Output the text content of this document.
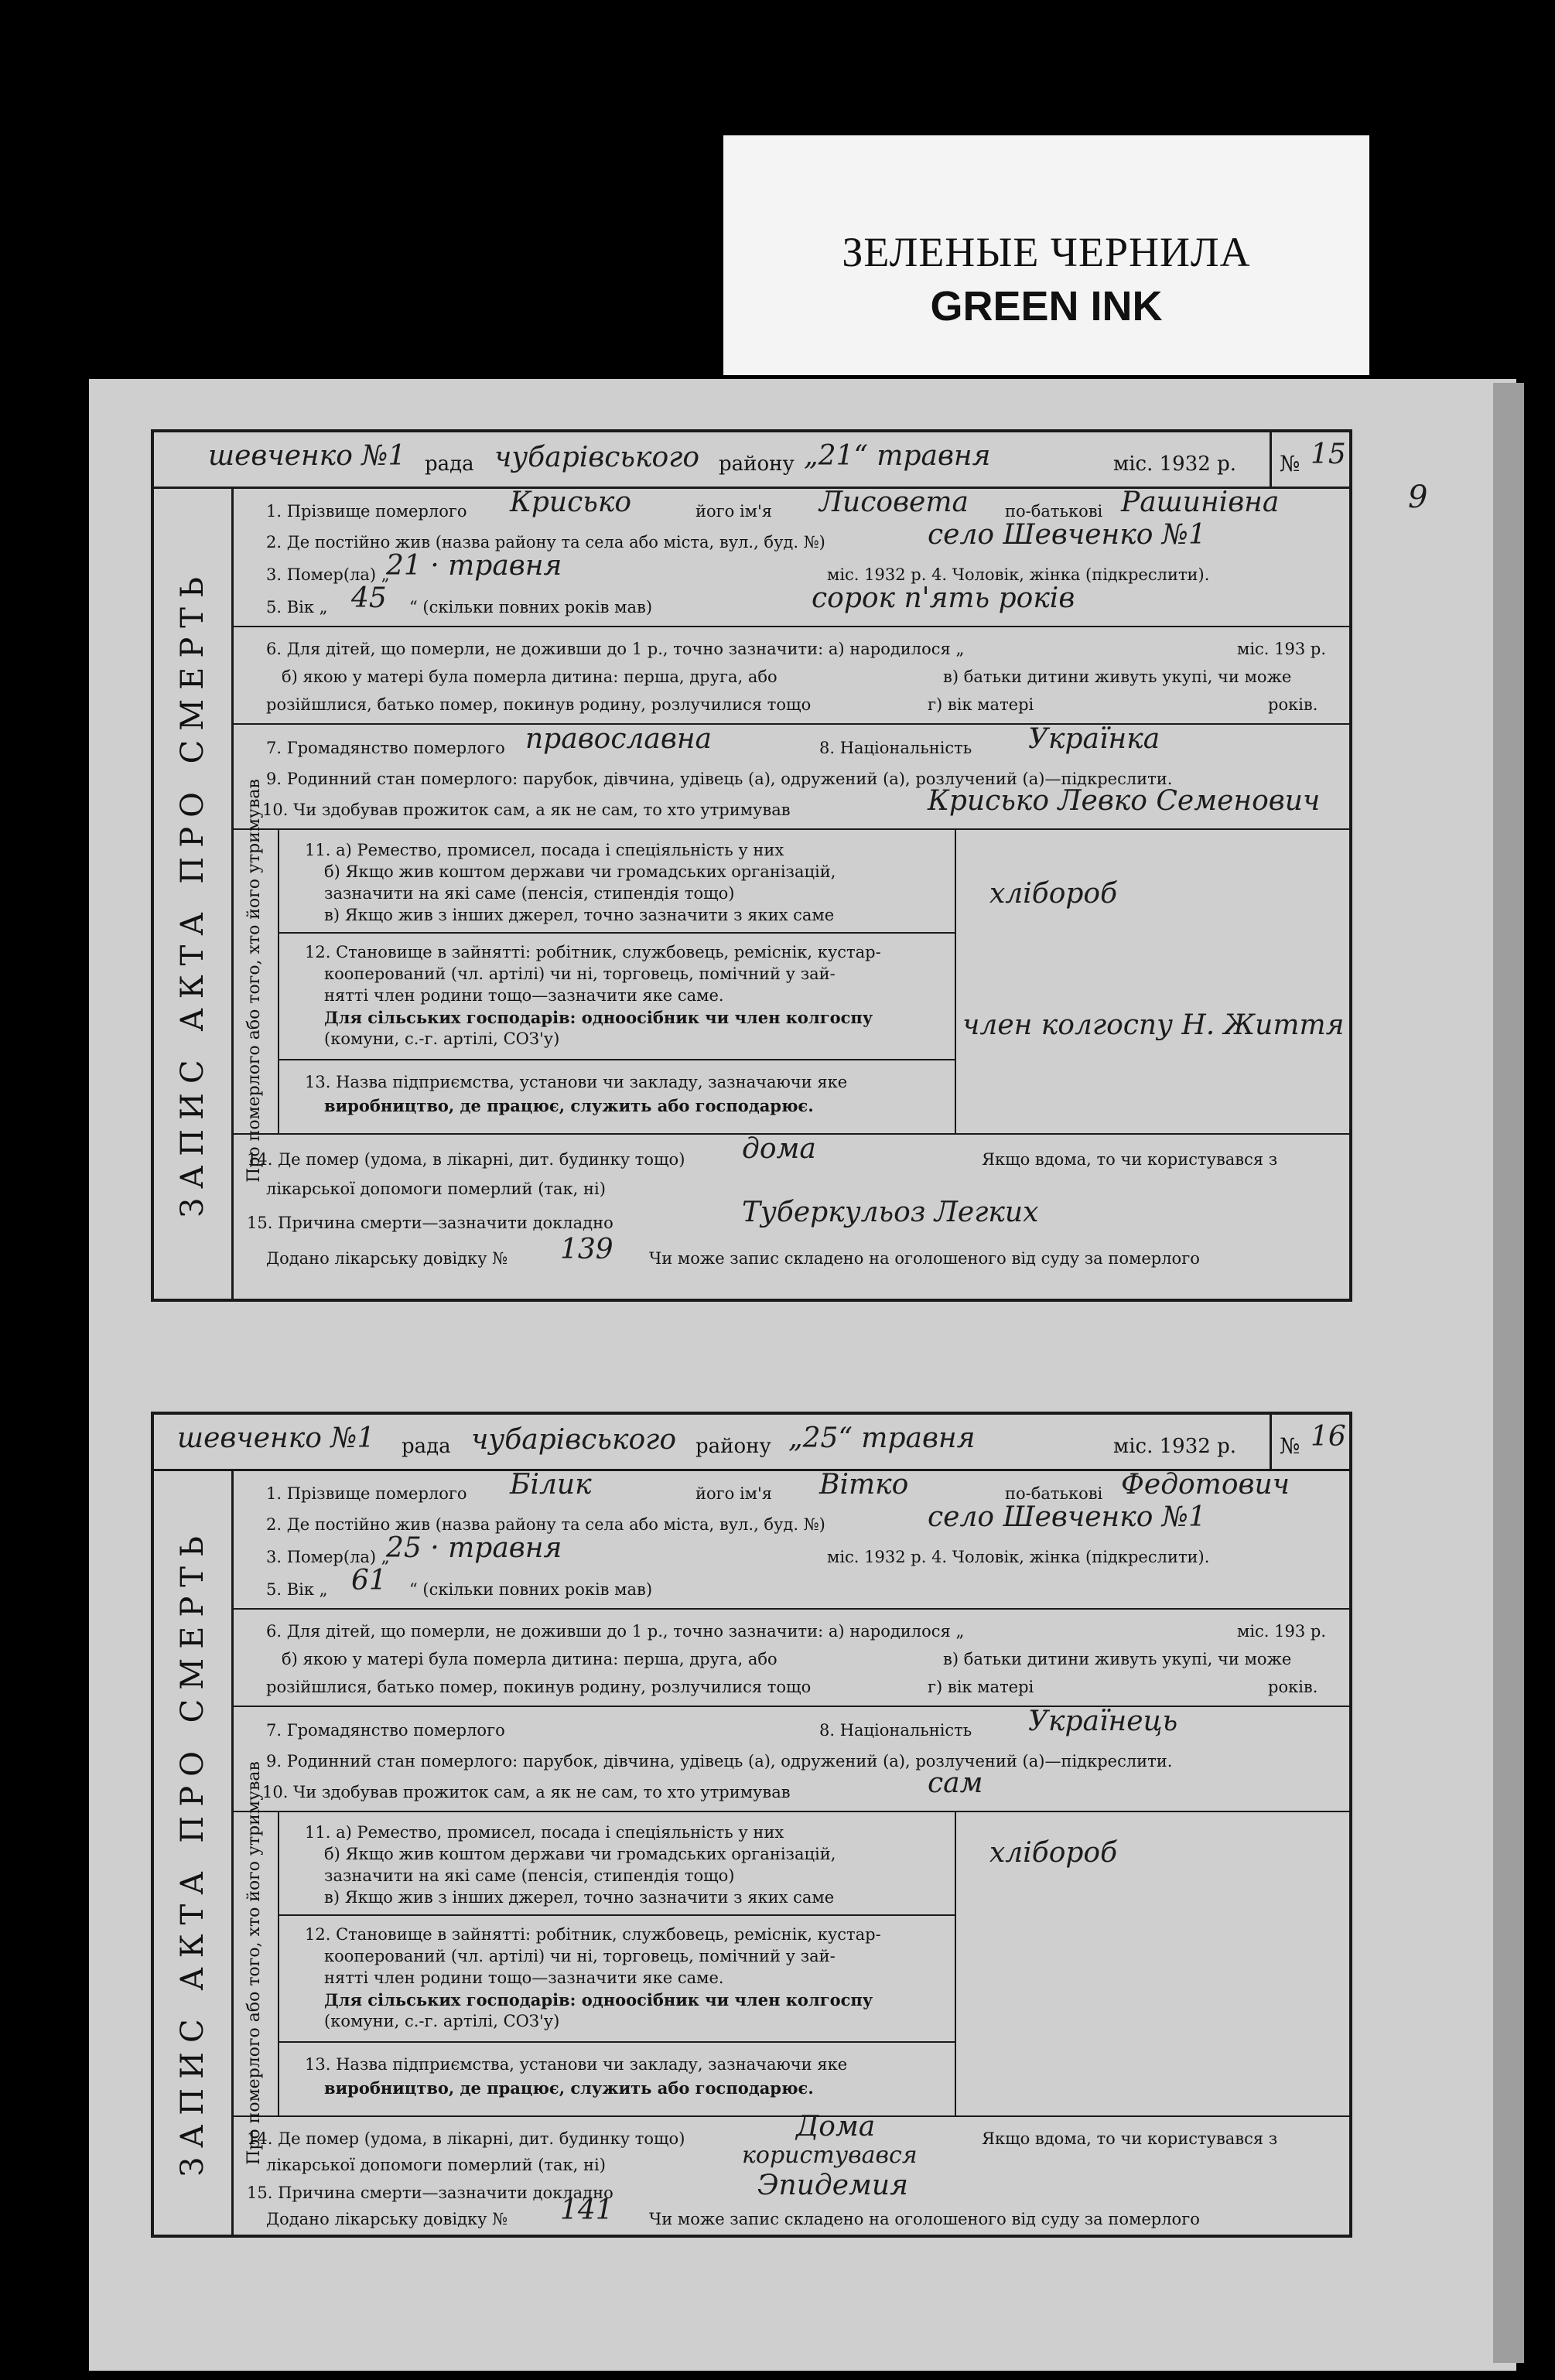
ЗЕЛЕНЫЕ ЧЕРНИЛА
GREEN INK
9
шевченко №1 рада чубарівського району „21“ травня	міс. 1932 р. № 15
ЗАПИС АКТА ПРО СМЕРТЬ
1. Прізвище померлого Крисько	його ім'я Лисовета по-батькові Рашинівна
2. Де постійно жив (назва району та села або міста, вул., буд. №)	село Шевченко №1
3. Помер(ла) „
21 · травня	міс. 1932 р. 4. Чоловік, жінка (підкреслити).
5. Вік „ 45 “ (скільки повних років мав)	сорок п'ять років
6. Для дітей, що померли, не доживши до 1 р., точно зазначити: а) народилося „	міс. 193 р.
б) якою у матері була померла дитина: перша, друга, або	в) батьки дитини живуть укупі, чи може
розійшлися, батько помер, покинув родину, розлучилися тощо	г) вік матері	років.
7. Громадянство померлого православна	8. Національність Українка
9. Родинний стан померлого: парубок, дівчина, удівець (а), одружений (а), розлучений (а)—підкреслити.
10. Чи здобував прожиток сам, а як не сам, то хто утримував	Крисько Левко Семенович
Про померлого або того, хто його утримував	11. а) Ремество, промисел, посада і спеціяльність у них
б) Якщо жив коштом держави чи громадських організацій,
зазначити на які саме (пенсія, стипендія тощо)
в) Якщо жив з інших джерел, точно зазначити з яких саме
хлібороб
12. Становище в зайнятті: робітник, службовець, реміснік, кустар-
кооперований (чл. артілі) чи ні, торговець, помічний у зай-
нятті член родини тощо—зазначити яке саме.
Для сільських господарів: одноосібник чи член колгоспу
(комуни, с.-г. артілі, СОЗ'у)	член колгоспу Н. Життя
13. Назва підприємства, установи чи закладу, зазначаючи яке
виробництво, де працює, служить або господарює.
14. Де помер (удома, в лікарні, дит. будинку тощо) дома	Якщо вдома, то чи користувався з
лікарської допомоги померлий (так, ні)
15. Причина смерти—зазначити докладно	Туберкульоз Легких
Додано лікарську довідку № 139 Чи може запис складено на оголошеного від суду за померлого
шевченко №1 рада чубарівського району „25“ травня	міс. 1932 р. № 16
ЗАПИС АКТА ПРО СМЕРТЬ
1. Прізвище померлого Білик	його ім'я Вітко	по-батькові Федотович
2. Де постійно жив (назва району та села або міста, вул., буд. №)	село Шевченко №1
3. Помер(ла) „
25 · травня	міс. 1932 р. 4. Чоловік, жінка (підкреслити).
5. Вік „ 61 “ (скільки повних років мав)
6. Для дітей, що померли, не доживши до 1 р., точно зазначити: а) народилося „	міс. 193 р.
б) якою у матері була померла дитина: перша, друга, або	в) батьки дитини живуть укупі, чи може
розійшлися, батько помер, покинув родину, розлучилися тощо	г) вік матері	років.
7. Громадянство померлого	8. Національність Українець
9. Родинний стан померлого: парубок, дівчина, удівець (а), одружений (а), розлучений (а)—підкреслити.
10. Чи здобував прожиток сам, а як не сам, то хто утримував	сам
Про померлого або того, хто його утримував	11. а) Ремество, промисел, посада і спеціяльність у них
б) Якщо жив коштом держави чи громадських організацій,
зазначити на які саме (пенсія, стипендія тощо)
в) Якщо жив з інших джерел, точно зазначити з яких саме
хлібороб
12. Становище в зайнятті: робітник, службовець, реміснік, кустар-
кооперований (чл. артілі) чи ні, торговець, помічний у зай-
нятті член родини тощо—зазначити яке саме.
Для сільських господарів: одноосібник чи член колгоспу
(комуни, с.-г. артілі, СОЗ'у)
13. Назва підприємства, установи чи закладу, зазначаючи яке
виробництво, де працює, служить або господарює.
14. Де помер (удома, в лікарні, дит. будинку тощо)	Дома	Якщо вдома, то чи користувався з
лікарської допомоги померлий (так, ні)	користувався
15. Причина смерти—зазначити докладно	Эпидемия
Додано лікарську довідку № 141 Чи може запис складено на оголошеного від суду за померлого
